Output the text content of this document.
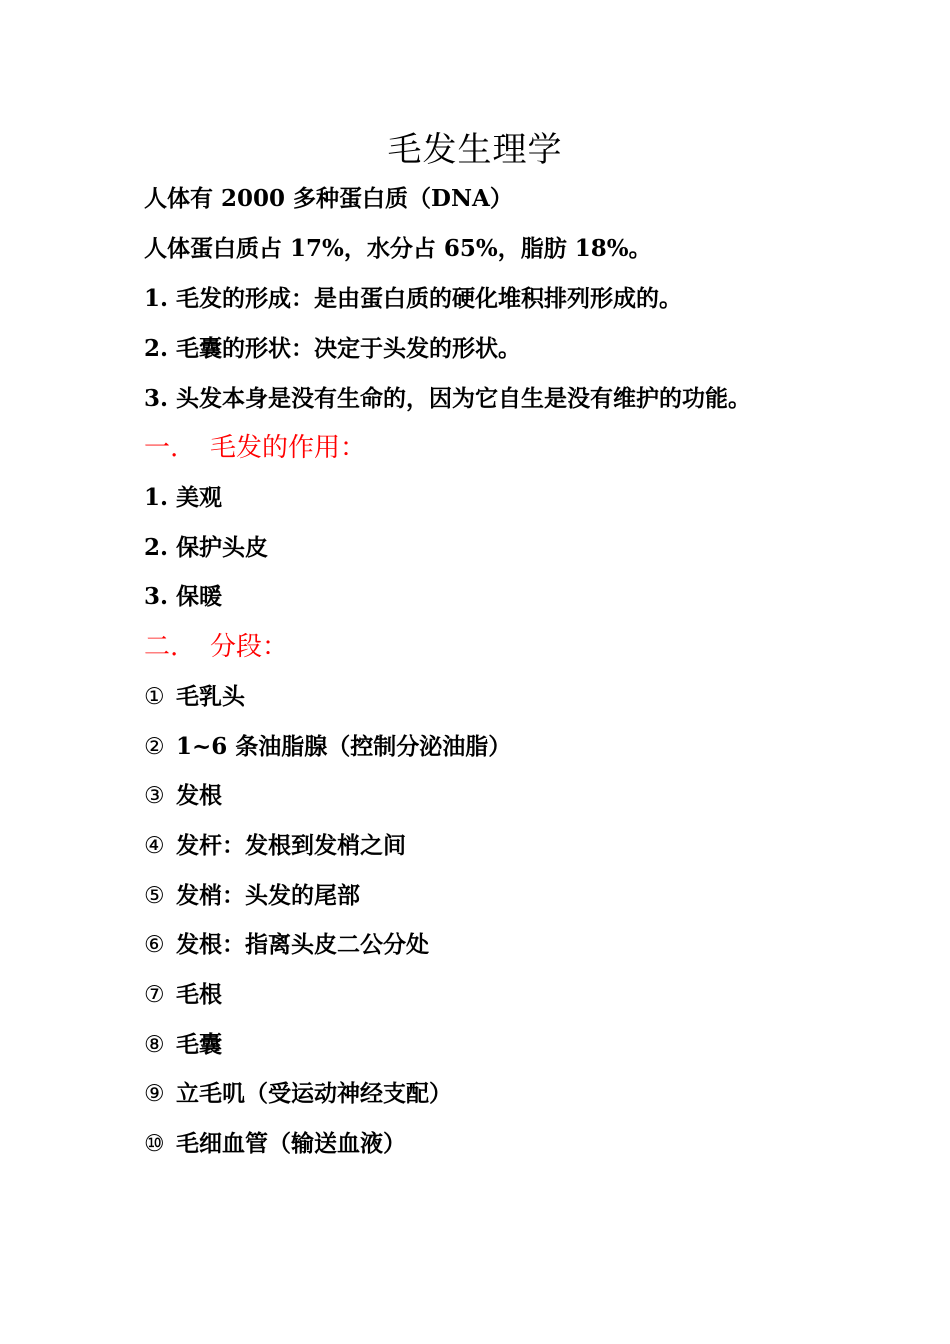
毛发生理学
人体有 2000 多种蛋白质（DNA）
人体蛋白质占 17%，水分占 65%，脂肪 18%。
1. 毛发的形成：是由蛋白质的硬化堆积排列形成的。
2. 毛囊的形状：决定于头发的形状。
3. 头发本身是没有生命的，因为它自生是没有维护的功能。
一. 毛发的作用：
1. 美观
2. 保护头皮
3. 保暖
二. 分段：
① 毛乳头
② 1~6 条油脂腺（控制分泌油脂）
③ 发根
④ 发杆：发根到发梢之间
⑤ 发梢：头发的尾部
⑥ 发根：指离头皮二公分处
⑦ 毛根
⑧ 毛囊
⑨ 立毛叽（受运动神经支配）
⑩ 毛细血管（输送血液）
